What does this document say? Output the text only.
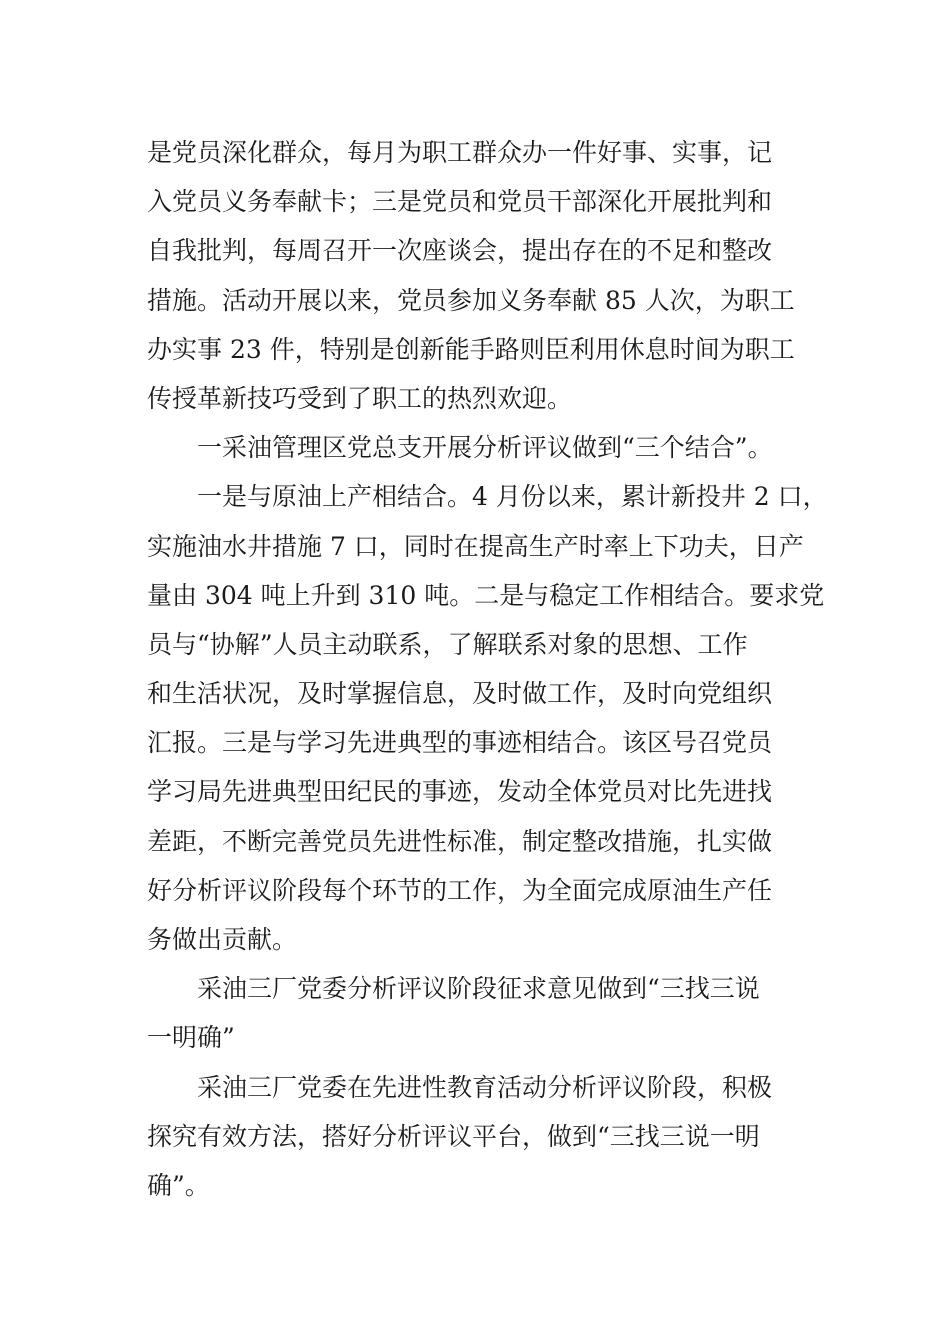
是党员深化群众，每月为职工群众办一件好事、实事，记
入党员义务奉献卡；三是党员和党员干部深化开展批判和
自我批判，每周召开一次座谈会，提出存在的不足和整改
措施。活动开展以来，党员参加义务奉献 85 人次，为职工
办实事 23 件，特别是创新能手路则臣利用休息时间为职工
传授革新技巧受到了职工的热烈欢迎。
一采油管理区党总支开展分析评议做到“三个结合”。
一是与原油上产相结合。4 月份以来，累计新投井 2 口，
实施油水井措施 7 口，同时在提高生产时率上下功夫，日产
量由 304 吨上升到 310 吨。二是与稳定工作相结合。要求党
员与“协解”人员主动联系，了解联系对象的思想、工作
和生活状况，及时掌握信息，及时做工作，及时向党组织
汇报。三是与学习先进典型的事迹相结合。该区号召党员
学习局先进典型田纪民的事迹，发动全体党员对比先进找
差距，不断完善党员先进性标准，制定整改措施，扎实做
好分析评议阶段每个环节的工作，为全面完成原油生产任
务做出贡献。
采油三厂党委分析评议阶段征求意见做到“三找三说
一明确”
采油三厂党委在先进性教育活动分析评议阶段，积极
探究有效方法，搭好分析评议平台，做到“三找三说一明
确”。
